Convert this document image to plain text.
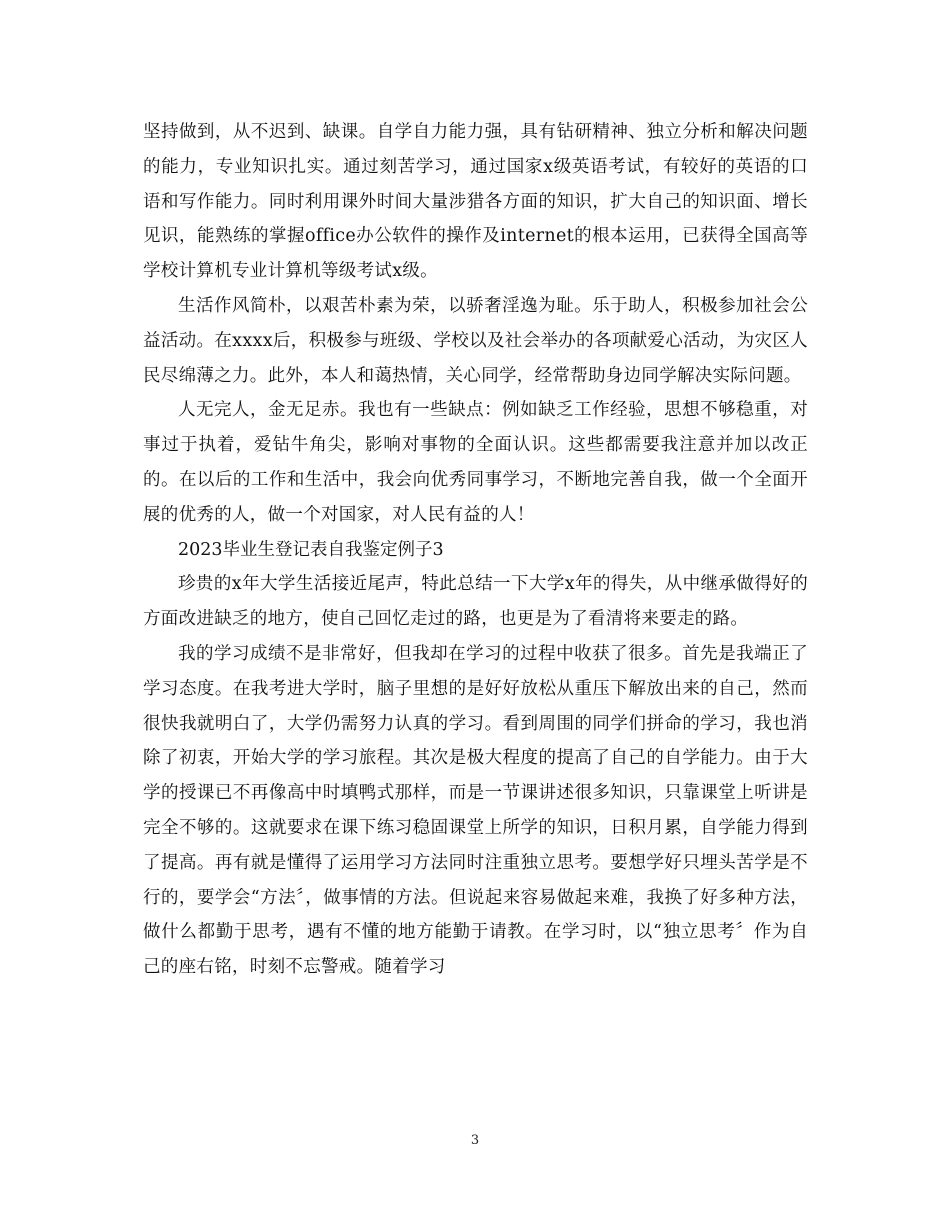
坚持做到，从不迟到、缺课。自学自力能力强，具有钻研精神、独立分析和解决问题的能力，专业知识扎实。通过刻苦学习，通过国家x级英语考试，有较好的英语的口语和写作能力。同时利用课外时间大量涉猎各方面的知识，扩大自己的知识面、增长见识，能熟练的掌握office办公软件的操作及internet的根本运用，已获得全国高等学校计算机专业计算机等级考试x级。

生活作风简朴，以艰苦朴素为荣，以骄奢淫逸为耻。乐于助人，积极参加社会公益活动。在xxxx后，积极参与班级、学校以及社会举办的各项献爱心活动，为灾区人民尽绵薄之力。此外，本人和蔼热情，关心同学，经常帮助身边同学解决实际问题。

人无完人，金无足赤。我也有一些缺点：例如缺乏工作经验，思想不够稳重，对事过于执着，爱钻牛角尖，影响对事物的全面认识。这些都需要我注意并加以改正的。在以后的工作和生活中，我会向优秀同事学习，不断地完善自我，做一个全面开展的优秀的人，做一个对国家，对人民有益的人！

2023毕业生登记表自我鉴定例子3

珍贵的x年大学生活接近尾声，特此总结一下大学x年的得失，从中继承做得好的方面改进缺乏的地方，使自己回忆走过的路，也更是为了看清将来要走的路。

我的学习成绩不是非常好，但我却在学习的过程中收获了很多。首先是我端正了学习态度。在我考进大学时，脑子里想的是好好放松从重压下解放出来的自己，然而很快我就明白了，大学仍需努力认真的学习。看到周围的同学们拼命的学习，我也消除了初衷，开始大学的学习旅程。其次是极大程度的提高了自己的自学能力。由于大学的授课已不再像高中时填鸭式那样，而是一节课讲述很多知识，只靠课堂上听讲是完全不够的。这就要求在课下练习稳固课堂上所学的知识，日积月累，自学能力得到了提高。再有就是懂得了运用学习方法同时注重独立思考。要想学好只埋头苦学是不行的，要学会“方法〞，做事情的方法。但说起来容易做起来难，我换了好多种方法，做什么都勤于思考，遇有不懂的地方能勤于请教。在学习时，以“独立思考〞作为自己的座右铭，时刻不忘警戒。随着学习

3
